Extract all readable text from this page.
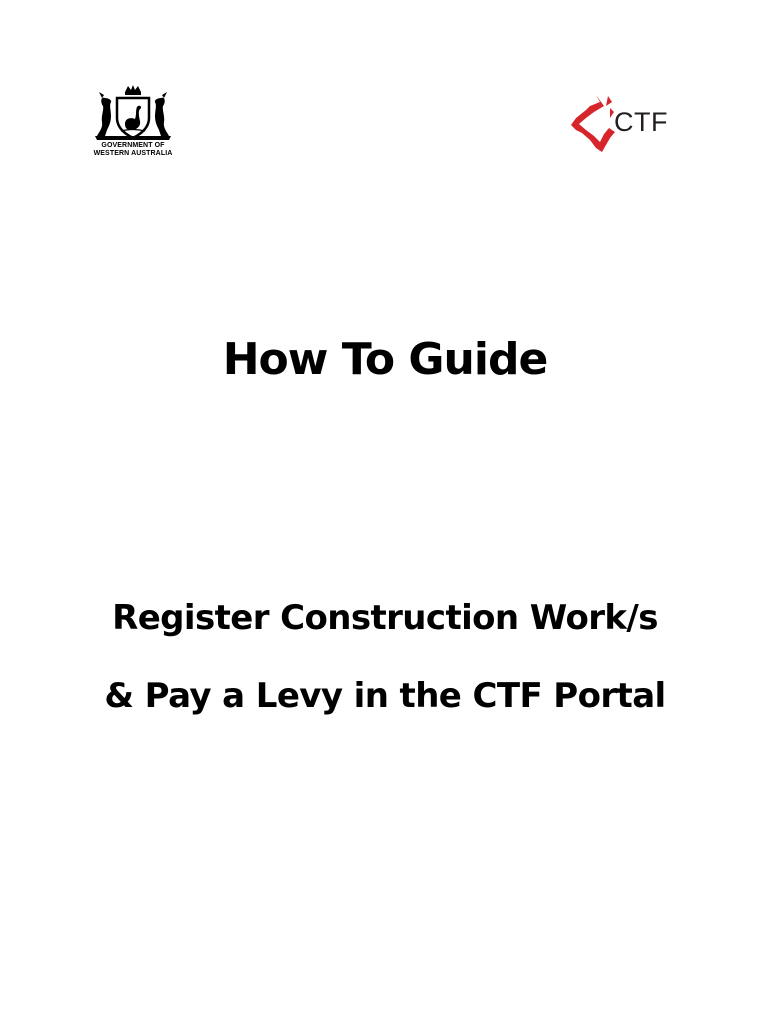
GOVERNMENT OF
WESTERN AUSTRALIA
CTF
How To Guide
Register Construction Work/s
& Pay a Levy in the CTF Portal
